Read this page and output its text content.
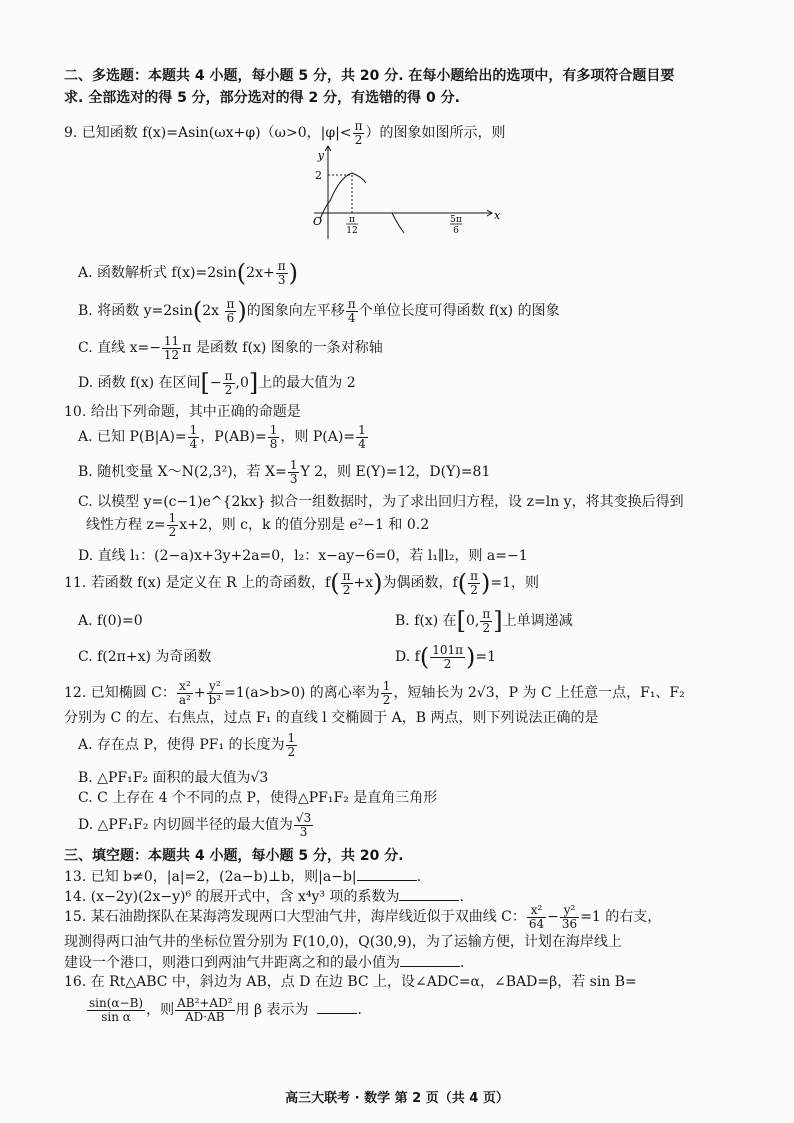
二、多选题：本题共 4 小题，每小题 5 分，共 20 分. 在每小题给出的选项中，有多项符合题目要
求. 全部选对的得 5 分，部分选对的得 2 分，有选错的得 0 分.
9. 已知函数 f(x)=Asin(ωx+φ)（ω>0，$|\varphi|< \frac{\pi}{2}$ ）的图象如图所示，则
y
x
2
O	π
12
5π
6
A. 函数解析式 $f(x)=2\sin(2x+ \frac{\pi}{3}$ )
B. 将函数 $y=2\sin(2x \frac{\pi}{6}$ )的图象向左平移 $\frac{\pi}{4}$ 个单位长度可得函数 f(x) 的图象
C. 直线 $x=- \frac{11}{12}$ π 是函数 f(x) 图象的一条对称轴
D. 函数 f(x) 在区间[− $\frac{\pi}{2} ,0$]上的最大值为 2
10. 给出下列命题，其中正确的命题是
A. 已知 $P(B|A)= \frac{1}{4}$ ，$P(AB)= \frac{1}{8}$ ，则 $P(A)= \frac{1}{4}$
B. 随机变量 X～N(2,3²)，若 $X= \frac{1}{3}$ Y 2，则 E(Y)=12，D(Y)=81
C. 以模型 y=(c−1)e^{2kx} 拟合一组数据时，为了求出回归方程，设 z=ln y，将其变换后得到
线性方程 $z= \frac{1}{2} x+2$，则 c，k 的值分别是 e²−1 和 0.2
D. 直线 l₁：(2−a)x+3y+2a=0，l₂：x−ay−6=0，若 l₁∥l₂，则 a=−1
11. 若函数 f(x) 是定义在 R 上的奇函数，$f( \frac{\pi}{2} +x)$为偶函数，$f( \frac{\pi}{2} )=1$，则
A. f(0)=0	B. f(x) 在[0, $\frac{\pi}{2}$ ]上单调递减
C. f(2π+x) 为奇函数	D. $f( \frac{101\pi}{2} )=1$
12. 已知椭圆 C： $\frac{\text{x²}}{\text{a²}} + \frac{\text{y²}}{\text{b²}} =1(a>b>0)$ 的离心率为 $\frac{1}{2}$ ，短轴长为 2√3，P 为 C 上任意一点，F₁、F₂
分别为 C 的左、右焦点，过点 F₁ 的直线 l 交椭圆于 A，B 两点，则下列说法正确的是
A. 存在点 P，使得 PF₁ 的长度为 $\frac{1}{2}$
B. △PF₁F₂ 面积的最大值为√3
C. C 上存在 4 个不同的点 P，使得△PF₁F₂ 是直角三角形
D. △PF₁F₂ 内切圆半径的最大值为 $\frac{√3}{3}$
三、填空题：本题共 4 小题，每小题 5 分，共 20 分.
13. 已知 b≠0，|a|=2，(2a−b)⊥b，则|a−b|	.
14. (x−2y)(2x−y)⁶ 的展开式中，含 x⁴y³ 项的系数为	.
15. 某石油勘探队在某海湾发现两口大型油气井，海岸线近似于双曲线 C： $\frac{\text{x²}}{64} - \frac{\text{y²}}{36} =1$ 的右支，
现测得两口油气井的坐标位置分别为 F(10,0)，Q(30,9)，为了运输方便，计划在海岸线上
建设一个港口，则港口到两油气井距离之和的最小值为	.
16. 在 Rt△ABC 中，斜边为 AB，点 D 在边 BC 上，设∠ADC=α，∠BAD=β，若 sin B=
$\frac{\sin(\alpha-B)}{\text{sin α}}$ ，则 $\frac{\text{AB²+AD²}}{AD\cdot AB}$ 用 β 表示为	.
高三大联考 · 数学 第 2 页（共 4 页）
